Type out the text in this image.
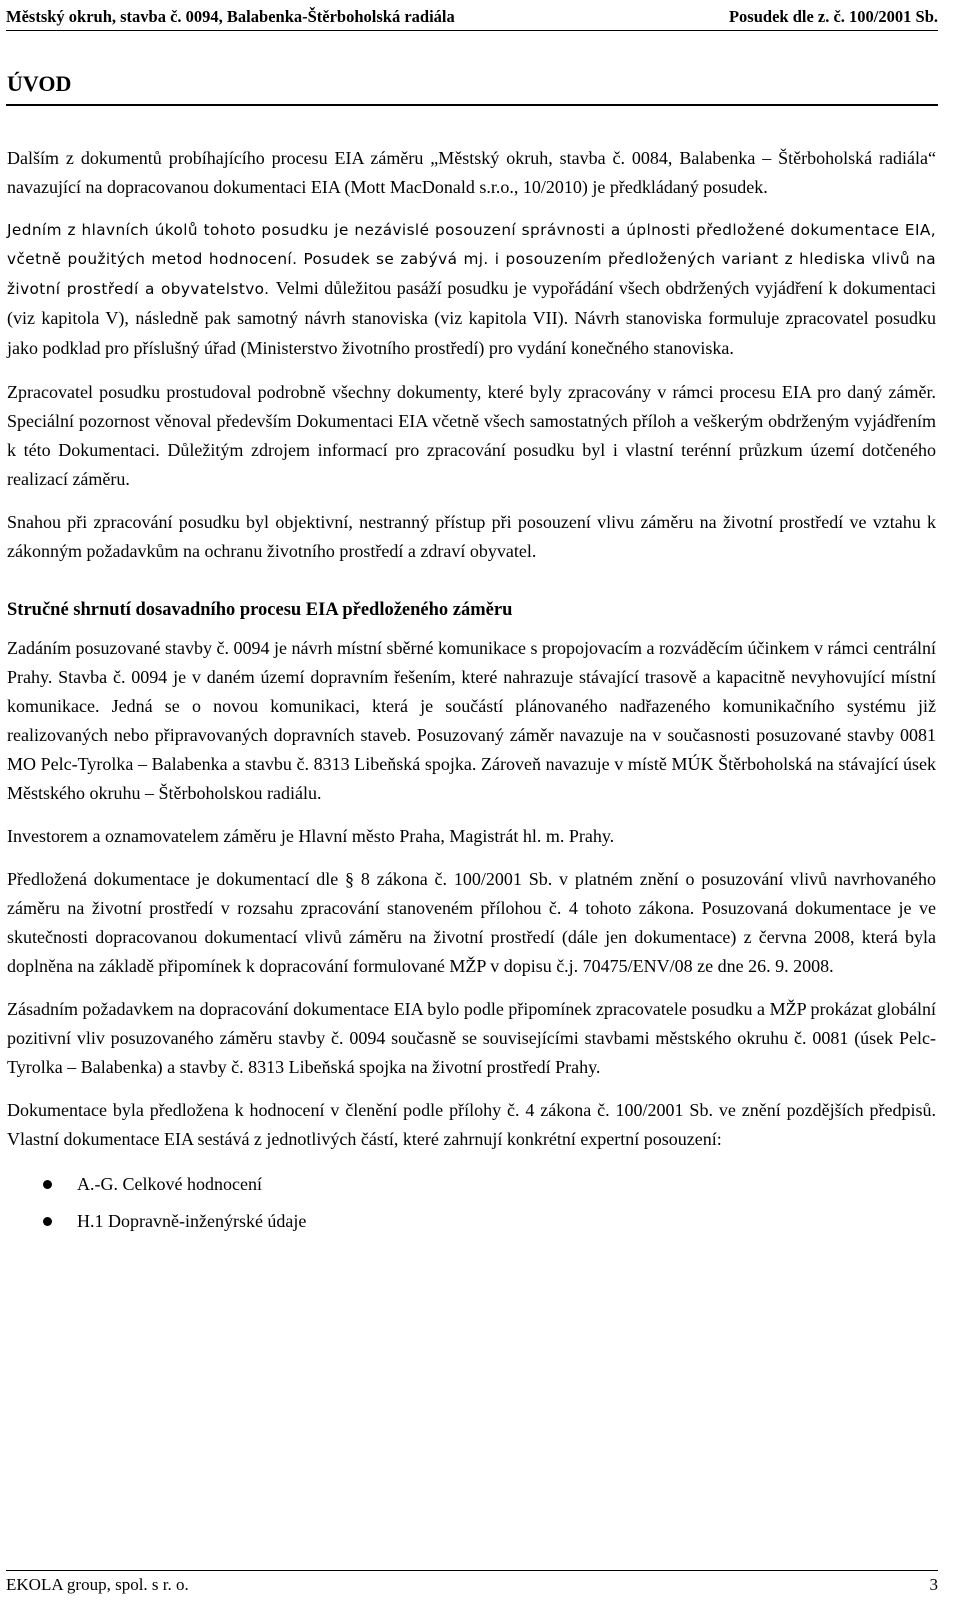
Městský okruh, stavba č. 0094, Balabenka-Štěrboholská radiála	Posudek dle z. č. 100/2001 Sb.
ÚVOD

Dalším z dokumentů probíhajícího procesu EIA záměru „Městský okruh, stavba č. 0084, Balabenka – Štěrboholská radiála“ navazující na dopracovanou dokumentaci EIA (Mott MacDonald s.r.o., 10/2010) je předkládaný posudek.

Jedním z hlavních úkolů tohoto posudku je nezávislé posouzení správnosti a úplnosti předložené dokumentace EIA, včetně použitých metod hodnocení. Posudek se zabývá mj. i posouzením předložených variant z hlediska vlivů na životní prostředí a obyvatelstvo. Velmi důležitou pasáží posudku je vypořádání všech obdržených vyjádření k dokumentaci (viz kapitola V), následně pak samotný návrh stanoviska (viz kapitola VII). Návrh stanoviska formuluje zpracovatel posudku jako podklad pro příslušný úřad (Ministerstvo životního prostředí) pro vydání konečného stanoviska.

Zpracovatel posudku prostudoval podrobně všechny dokumenty, které byly zpracovány v rámci procesu EIA pro daný záměr. Speciální pozornost věnoval především Dokumentaci EIA včetně všech samostatných příloh a veškerým obdrženým vyjádřením k této Dokumentaci. Důležitým zdrojem informací pro zpracování posudku byl i vlastní terénní průzkum území dotčeného realizací záměru.

Snahou při zpracování posudku byl objektivní, nestranný přístup při posouzení vlivu záměru na životní prostředí ve vztahu k zákonným požadavkům na ochranu životního prostředí a zdraví obyvatel.

Stručné shrnutí dosavadního procesu EIA předloženého záměru

Zadáním posuzované stavby č. 0094 je návrh místní sběrné komunikace s propojovacím a rozváděcím účinkem v rámci centrální Prahy. Stavba č. 0094 je v daném území dopravním řešením, které nahrazuje stávající trasově a kapacitně nevyhovující místní komunikace. Jedná se o novou komunikaci, která je součástí plánovaného nadřazeného komunikačního systému již realizovaných nebo připravovaných dopravních staveb. Posuzovaný záměr navazuje na v současnosti posuzované stavby 0081 MO Pelc-Tyrolka – Balabenka a stavbu č. 8313 Libeňská spojka. Zároveň navazuje v místě MÚK Štěrboholská na stávající úsek Městského okruhu – Štěrboholskou radiálu.

Investorem a oznamovatelem záměru je Hlavní město Praha, Magistrát hl. m. Prahy.

Předložená dokumentace je dokumentací dle § 8 zákona č. 100/2001 Sb. v platném znění o posuzování vlivů navrhovaného záměru na životní prostředí v rozsahu zpracování stanoveném přílohou č. 4 tohoto zákona. Posuzovaná dokumentace je ve skutečnosti dopracovanou dokumentací vlivů záměru na životní prostředí (dále jen dokumentace) z června 2008, která byla doplněna na základě připomínek k dopracování formulované MŽP v dopisu č.j. 70475/ENV/08 ze dne 26. 9. 2008.

Zásadním požadavkem na dopracování dokumentace EIA bylo podle připomínek zpracovatele posudku a MŽP prokázat globální pozitivní vliv posuzovaného záměru stavby č. 0094 současně se souvisejícími stavbami městského okruhu č. 0081 (úsek Pelc-Tyrolka – Balabenka) a stavby č. 8313 Libeňská spojka na životní prostředí Prahy.

Dokumentace byla předložena k hodnocení v členění podle přílohy č. 4 zákona č. 100/2001 Sb. ve znění pozdějších předpisů. Vlastní dokumentace EIA sestává z jednotlivých částí, které zahrnují konkrétní expertní posouzení:

A.-G. Celkové hodnocení
H.1 Dopravně-inženýrské údaje
EKOLA group, spol. s r. o.	3
